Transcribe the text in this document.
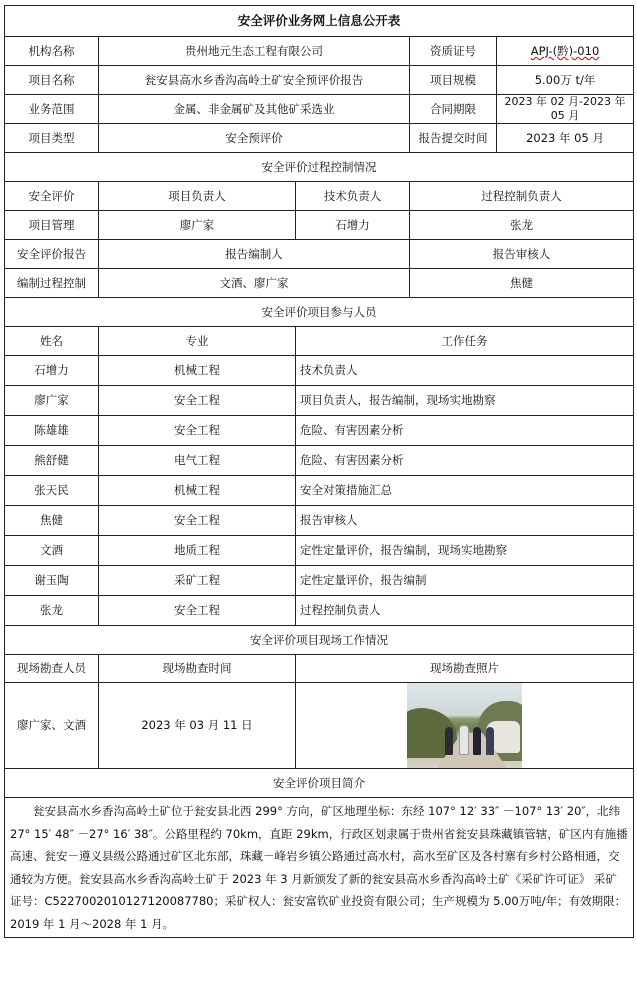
安全评价业务网上信息公开表				
机构名称	贵州地元生态工程有限公司		资质证号	APJ-(黔)-010
项目名称	瓮安县高水乡香沟高岭土矿安全预评价报告		项目规模	5.00万 t/年
业务范围	金属、非金属矿及其他矿采选业		合同期限	2023 年 02 月-2023 年 05 月
项目类型	安全预评价		报告提交时间	2023 年 05 月
安全评价过程控制情况				
安全评价	项目负责人	技术负责人	过程控制负责人	
项目管理	廖广家	石增力	张龙	
安全评价报告	报告编制人		报告审核人	
编制过程控制	文酒、廖广家		焦健	
安全评价项目参与人员				
姓名	专业	工作任务		
石增力	机械工程	技术负责人		
廖广家	安全工程	项目负责人，报告编制，现场实地勘察		
陈雄雄	安全工程	危险、有害因素分析		
熊舒健	电气工程	危险、有害因素分析		
张天民	机械工程	安全对策措施汇总		
焦健	安全工程	报告审核人		
文酒	地质工程	定性定量评价，报告编制，现场实地勘察		
谢玉陶	采矿工程	定性定量评价，报告编制		
张龙	安全工程	过程控制负责人		
安全评价项目现场工作情况				
现场勘查人员	现场勘查时间	现场勘查照片		
廖广家、文酒	2023 年 03 月 11 日			

安全评价项目简介				
瓮安县高水乡香沟高岭土矿位于瓮安县北西 299° 方向，矿区地理坐标：东经 107° 12′ 33″ －107° 13′ 20″，北纬 27° 15′ 48″ －27° 16′ 38″。公路里程约 70km，直距 29km，行政区划隶属于贵州省瓮安县珠藏镇管辖，矿区内有施播高速、瓮安－遵义县级公路通过矿区北东部，珠藏－峰岩乡镇公路通过高水村，高水至矿区及各村寨有乡村公路相通，交通较为方便。瓮安县高水乡香沟高岭土矿于 2023 年 3 月新颁发了新的瓮安县高水乡香沟高岭土矿《采矿许可证》 采矿证号：C5227002010127120087780；采矿权人：瓮安富钦矿业投资有限公司；生产规模为 5.00万吨/年；有效期限：2019 年 1 月～2028 年 1 月。				
